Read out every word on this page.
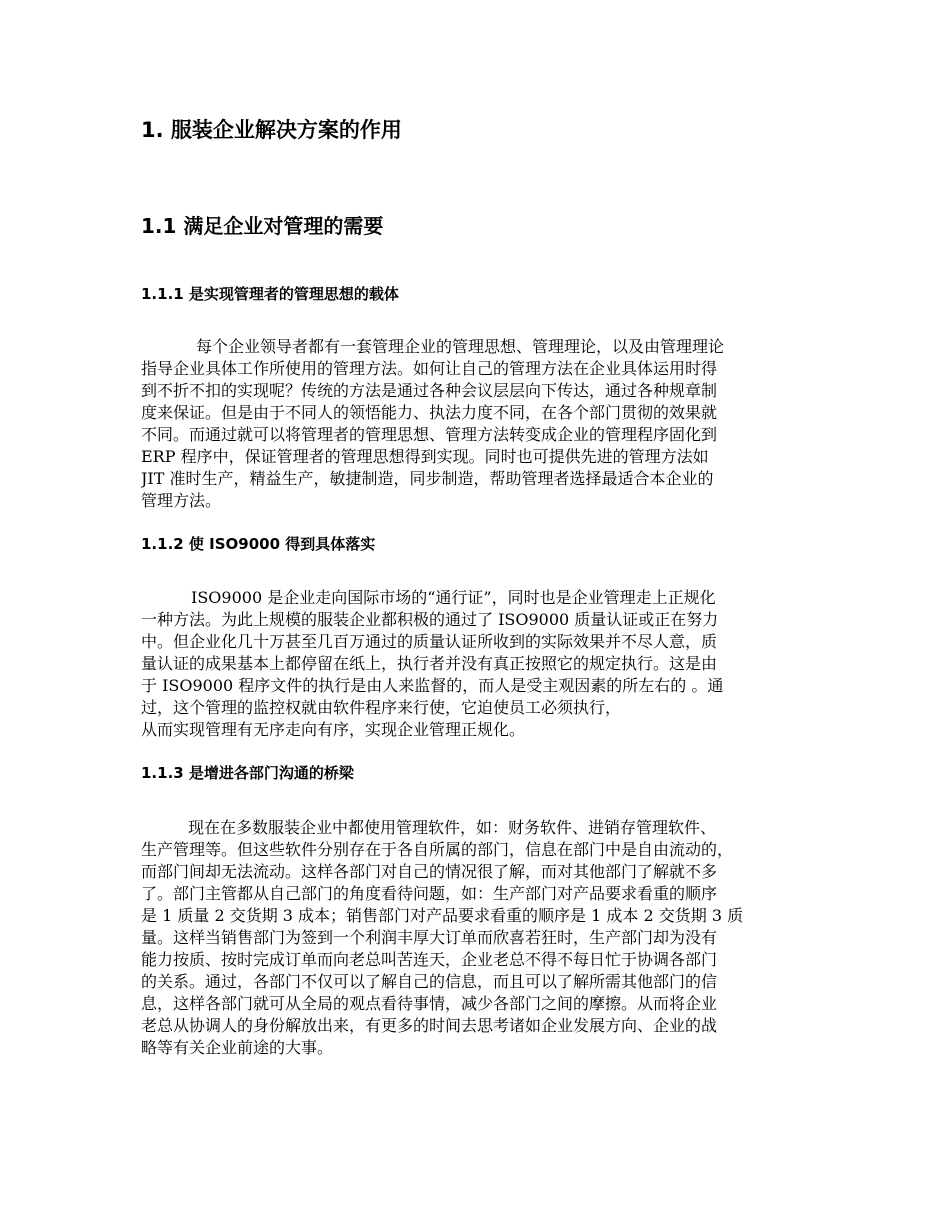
1. 服装企业解决方案的作用
1.1 满足企业对管理的需要
1.1.1 是实现管理者的管理思想的载体
每个企业领导者都有一套管理企业的管理思想、管理理论，以及由管理理论
指导企业具体工作所使用的管理方法。如何让自己的管理方法在企业具体运用时得
到不折不扣的实现呢？传统的方法是通过各种会议层层向下传达，通过各种规章制
度来保证。但是由于不同人的领悟能力、执法力度不同，在各个部门贯彻的效果就
不同。而通过就可以将管理者的管理思想、管理方法转变成企业的管理程序固化到
ERP 程序中，保证管理者的管理思想得到实现。同时也可提供先进的管理方法如
JIT 准时生产，精益生产，敏捷制造，同步制造，帮助管理者选择最适合本企业的
管理方法。
1.1.2 使 ISO9000 得到具体落实
ISO9000 是企业走向国际市场的“通行证”，同时也是企业管理走上正规化
一种方法。为此上规模的服装企业都积极的通过了 ISO9000 质量认证或正在努力
中。但企业化几十万甚至几百万通过的质量认证所收到的实际效果并不尽人意，质
量认证的成果基本上都停留在纸上，执行者并没有真正按照它的规定执行。这是由
于 ISO9000 程序文件的执行是由人来监督的，而人是受主观因素的所左右的 。通
过，这个管理的监控权就由软件程序来行使，它迫使员工必须执行，
从而实现管理有无序走向有序，实现企业管理正规化。
1.1.3 是增进各部门沟通的桥梁
现在在多数服装企业中都使用管理软件，如：财务软件、进销存管理软件、
生产管理等。但这些软件分别存在于各自所属的部门，信息在部门中是自由流动的，
而部门间却无法流动。这样各部门对自己的情况很了解，而对其他部门了解就不多
了。部门主管都从自己部门的角度看待问题，如：生产部门对产品要求看重的顺序
是 1 质量 2 交货期 3 成本；销售部门对产品要求看重的顺序是 1 成本 2 交货期 3 质
量。这样当销售部门为签到一个利润丰厚大订单而欣喜若狂时，生产部门却为没有
能力按质、按时完成订单而向老总叫苦连天，企业老总不得不每日忙于协调各部门
的关系。通过，各部门不仅可以了解自己的信息，而且可以了解所需其他部门的信
息，这样各部门就可从全局的观点看待事情，减少各部门之间的摩擦。从而将企业
老总从协调人的身份解放出来，有更多的时间去思考诸如企业发展方向、企业的战
略等有关企业前途的大事。
